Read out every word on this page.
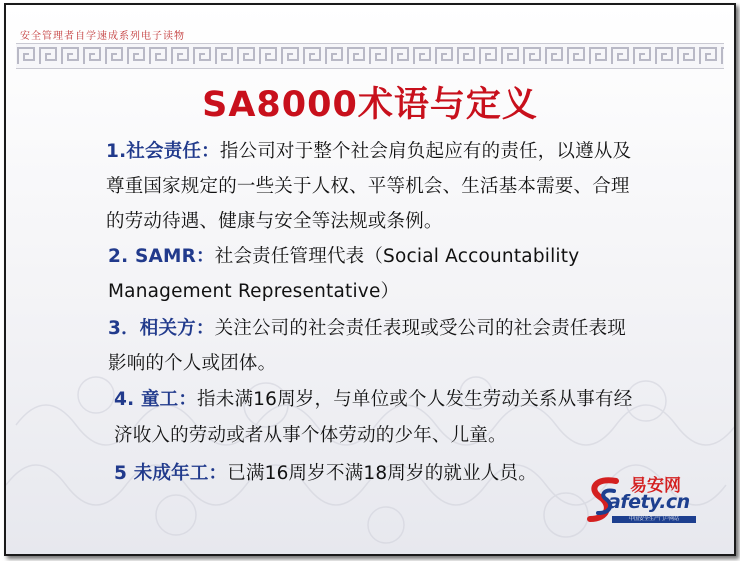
安全管理者自学速成系列电子读物
SA8000术语与定义
1.社会责任：指公司对于整个社会肩负起应有的责任，以遵从及
尊重国家规定的一些关于人权、平等机会、生活基本需要、合理
的劳动待遇、健康与安全等法规或条例。
2. SAMR：社会责任管理代表（Social Accountability
Management Representative）
3．相关方：关注公司的社会责任表现或受公司的社会责任表现
影响的个人或团体。
4. 童工：指未满16周岁，与单位或个人发生劳动关系从事有经
济收入的劳动或者从事个体劳动的少年、儿童。
5 未成年工：已满16周岁不满18周岁的就业人员。
易安网
afety.cn
中国安全生产门户网站
